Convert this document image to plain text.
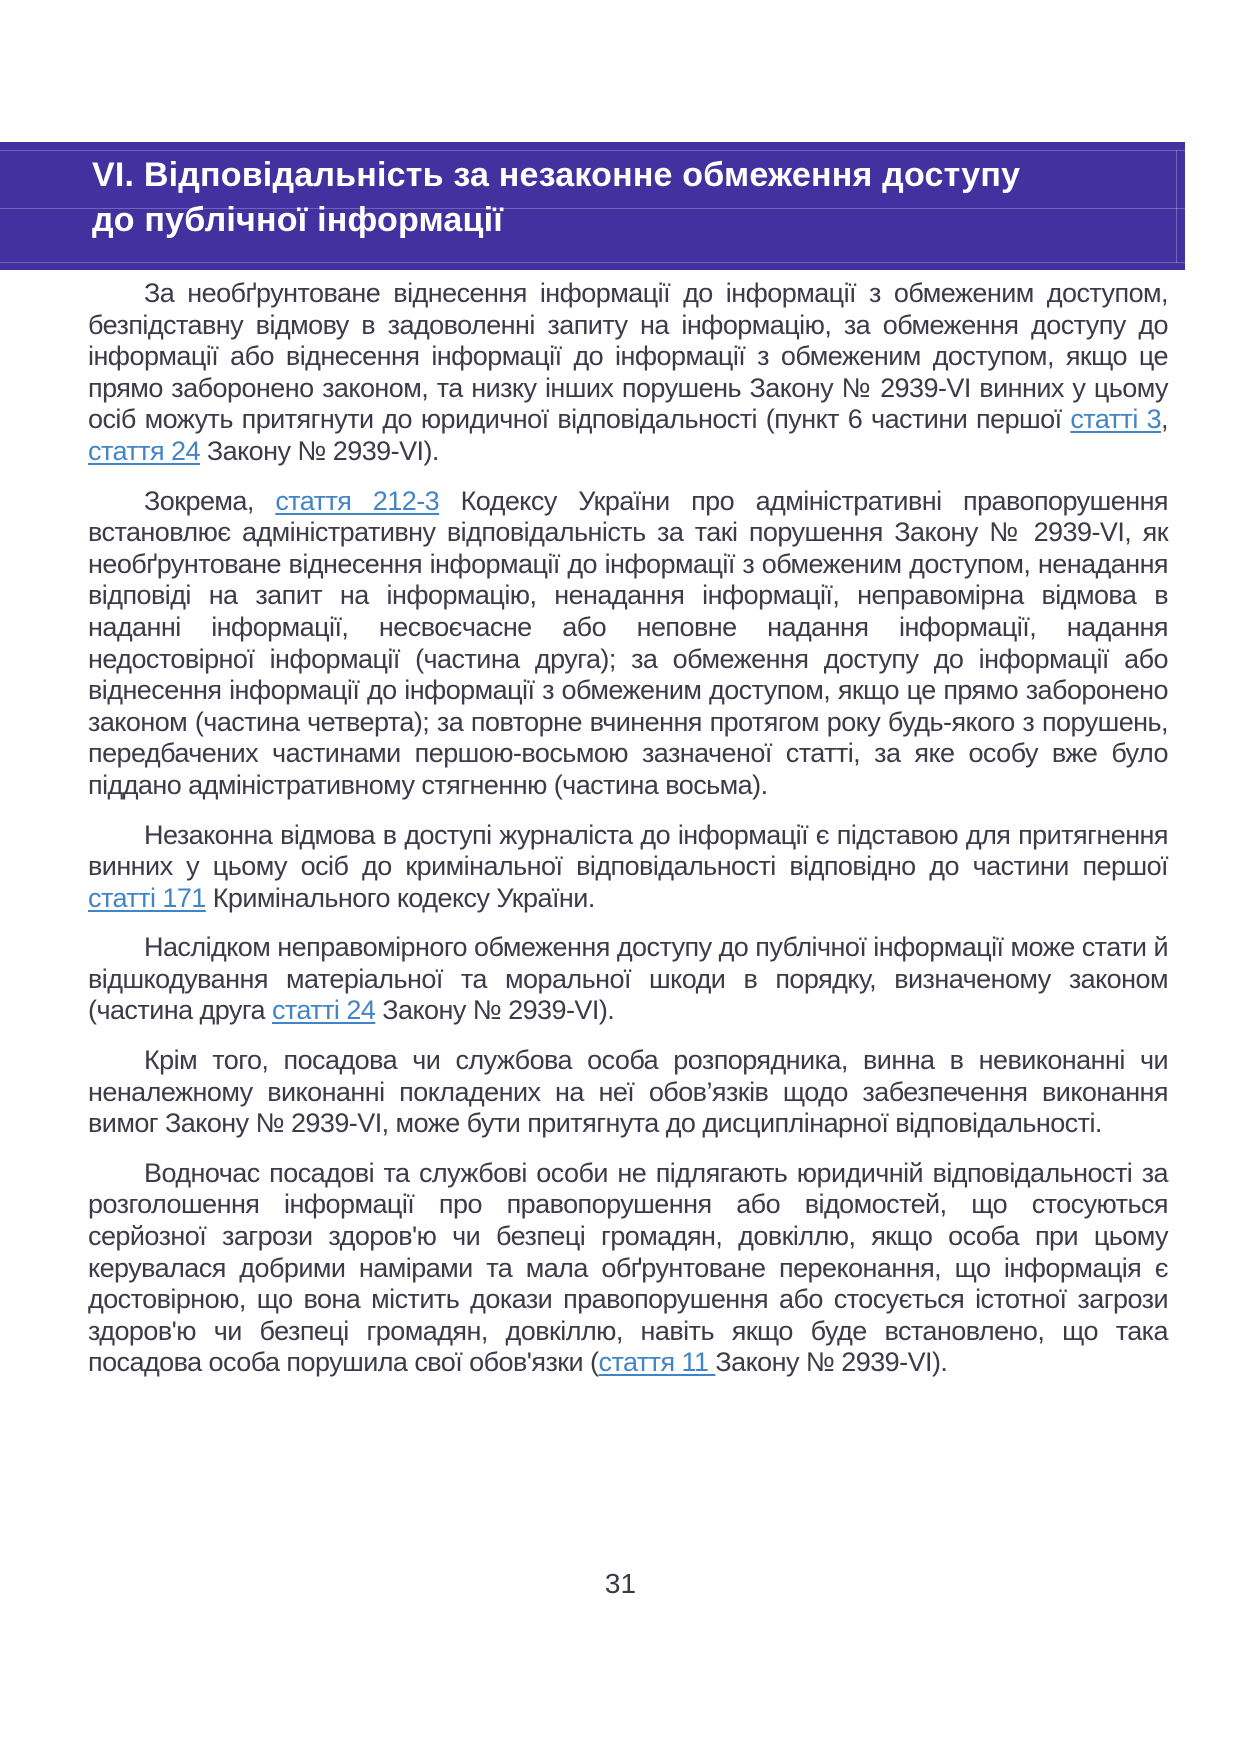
VI. Відповідальність за незаконне обмеження доступу до публічної інформації

За необґрунтоване віднесення інформації до інформації з обмеженим доступом, безпідставну відмову в задоволенні запиту на інформацію, за обмеження доступу до інформації або віднесення інформації до інформації з обмеженим доступом, якщо це прямо заборонено законом, та низку інших порушень Закону № 2939-VI винних у цьому осіб можуть притягнути до юридичної відповідальності (пункт 6 частини першої статті 3, стаття 24 Закону № 2939-VI).

Зокрема, стаття 212-3 Кодексу України про адміністративні правопорушення встановлює адміністративну відповідальність за такі порушення Закону № 2939-VI, як необґрунтоване віднесення інформації до інформації з обмеженим доступом, ненадання відповіді на запит на інформацію, ненадання інформації, неправомірна відмова в наданні інформації, несвоєчасне або неповне надання інформації, надання недостовірної інформації (частина друга); за обмеження доступу до інформації або віднесення інформації до інформації з обмеженим доступом, якщо це прямо заборонено законом (частина четверта); за повторне вчинення протягом року будь-якого з порушень, передбачених частинами першою-восьмою зазначеної статті, за яке особу вже було піддано адміністративному стягненню (частина восьма).

Незаконна відмова в доступі журналіста до інформації є підставою для притягнення винних у цьому осіб до кримінальної відповідальності відповідно до частини першої статті 171 Кримінального кодексу України.

Наслідком неправомірного обмеження доступу до публічної інформації може стати й відшкодування матеріальної та моральної шкоди в порядку, визначеному законом (частина друга статті 24 Закону № 2939-VI).

Крім того, посадова чи службова особа розпорядника, винна в невиконанні чи неналежному виконанні покладених на неї обов’язків щодо забезпечення виконання вимог Закону № 2939-VI, може бути притягнута до дисциплінарної відповідальності.

Водночас посадові та службові особи не підлягають юридичній відповідальності за розголошення інформації про правопорушення або відомостей, що стосуються серйозної загрози здоров'ю чи безпеці громадян, довкіллю, якщо особа при цьому керувалася добрими намірами та мала обґрунтоване переконання, що інформація є достовірною, що вона містить докази правопорушення або стосується істотної загрози здоров'ю чи безпеці громадян, довкіллю, навіть якщо буде встановлено, що така посадова особа порушила свої обов'язки (стаття 11 Закону № 2939-VI).

31
